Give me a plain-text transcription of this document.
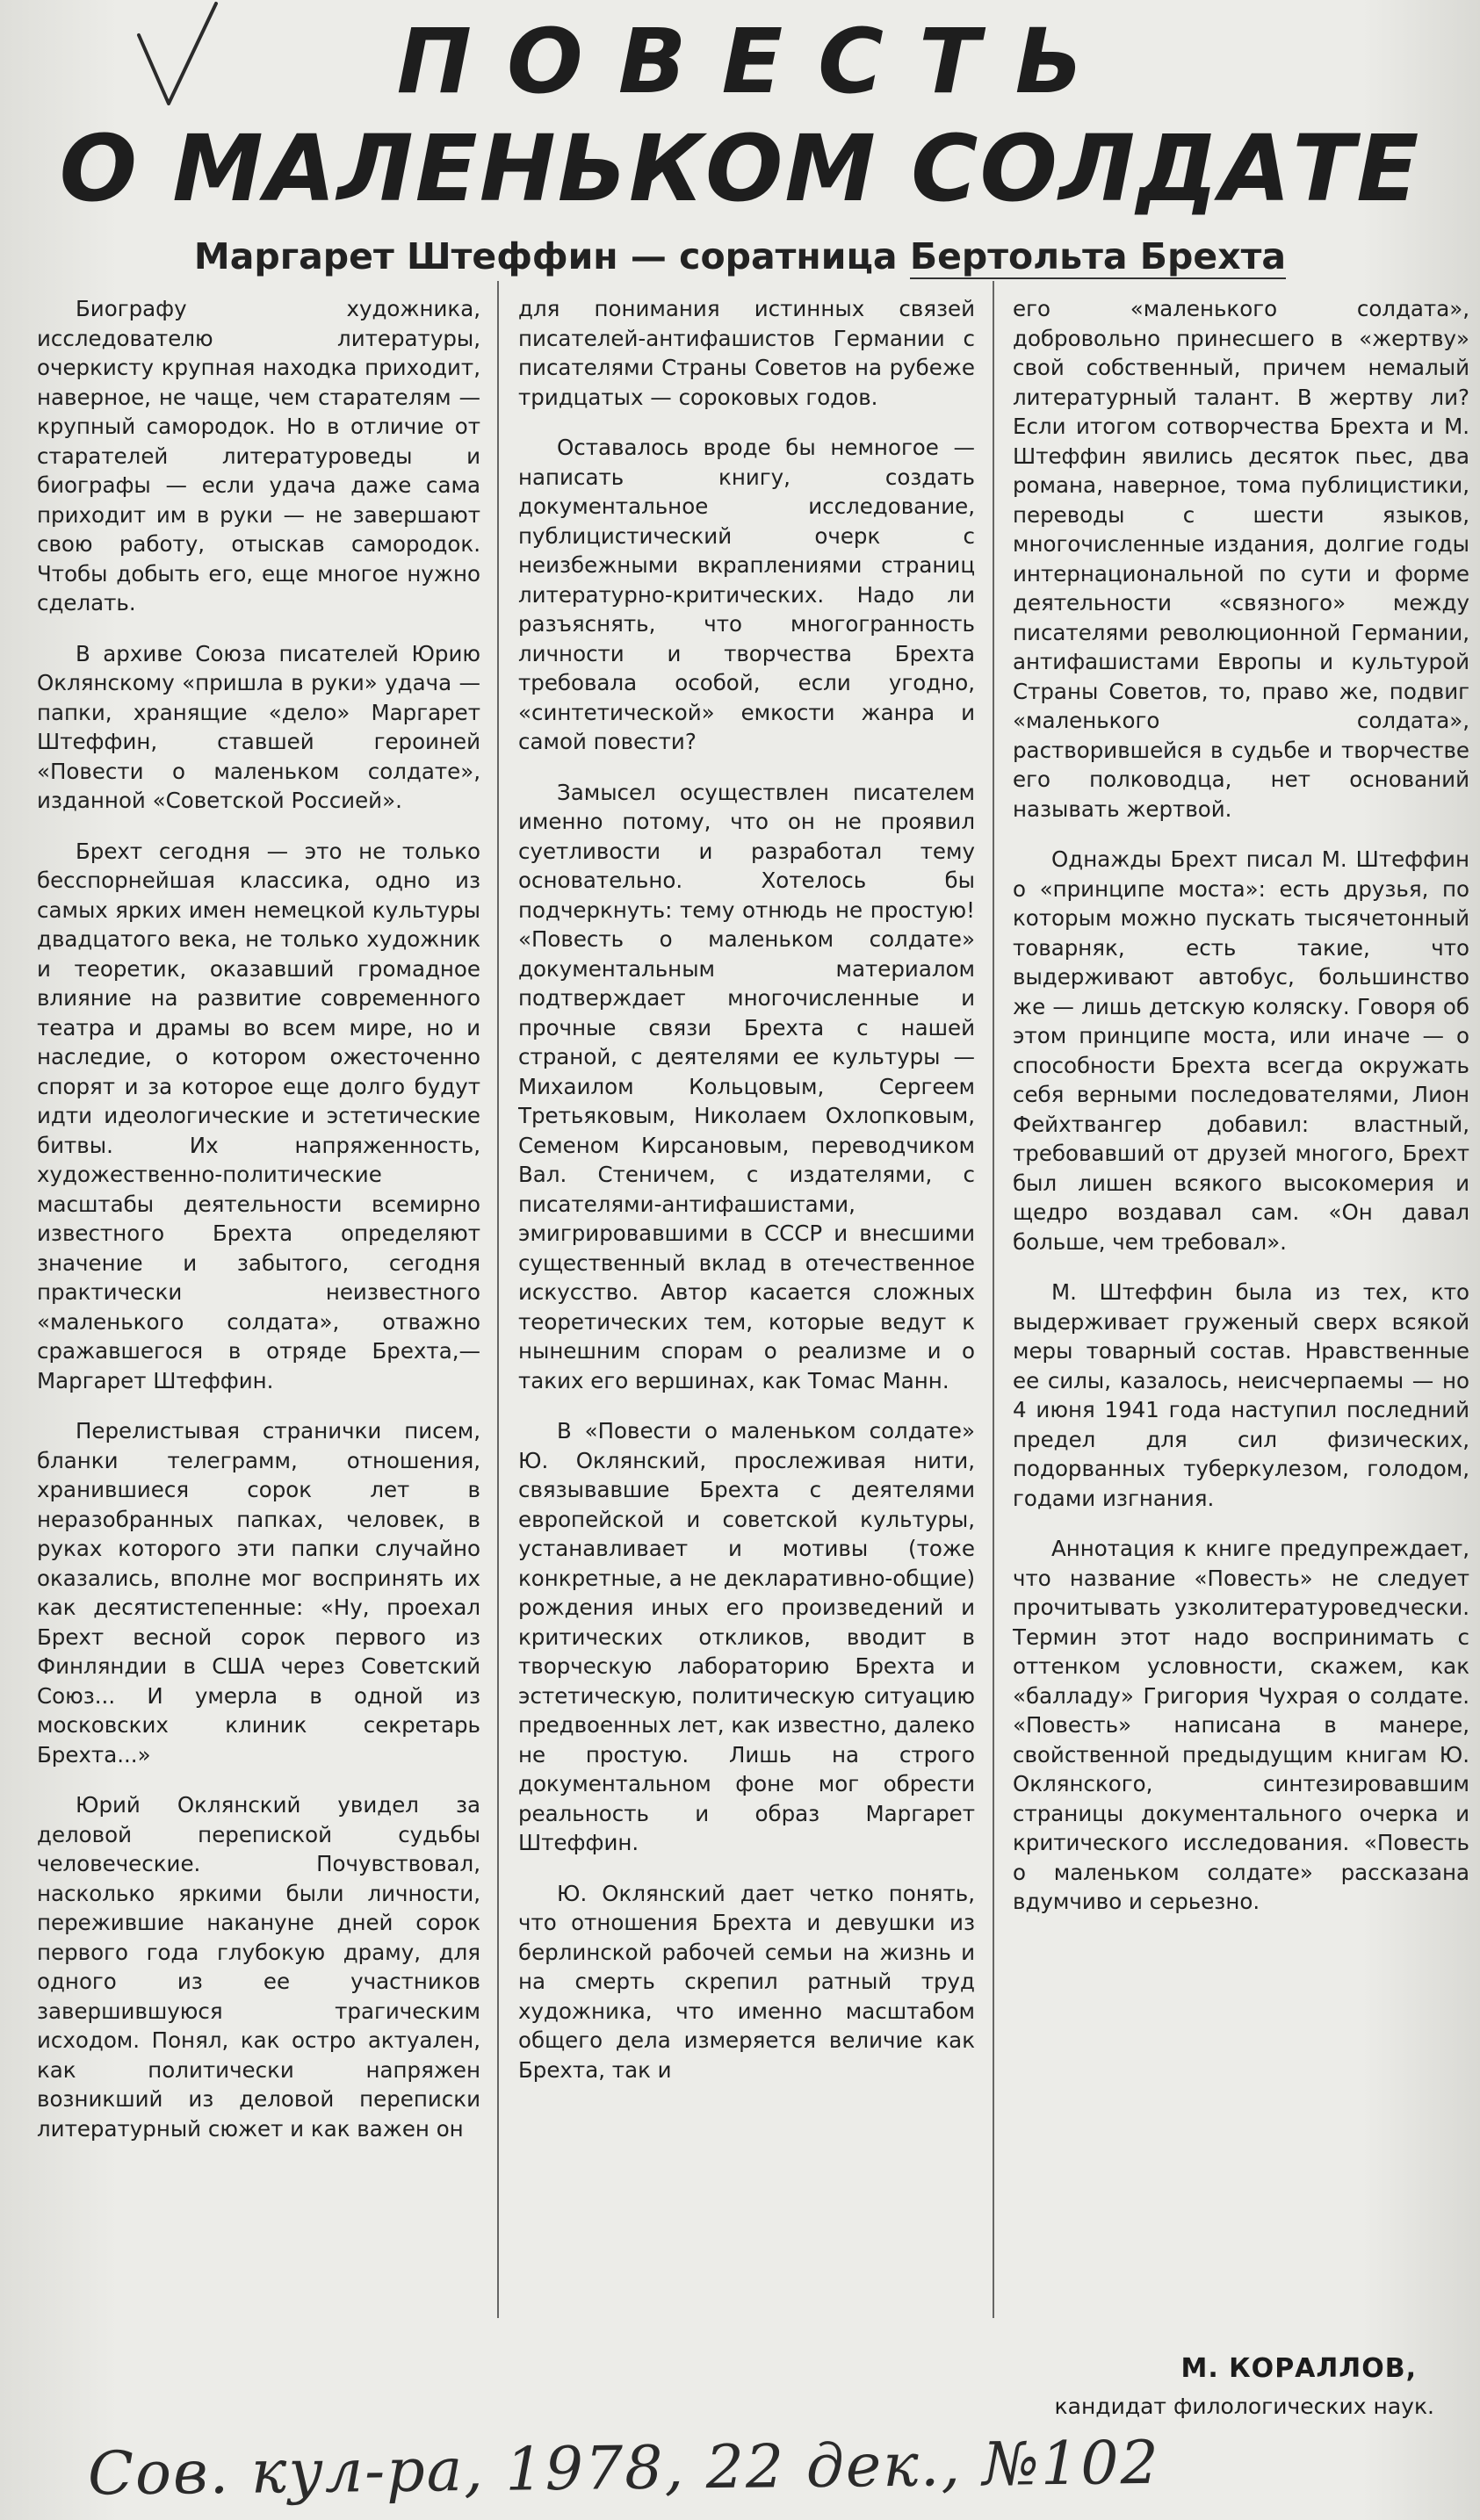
ПОВЕСТЬ
О МАЛЕНЬКОМ СОЛДАТЕ
Маргарет Штеффин — соратница Бертольта Брехта

Биографу художника, исследователю литературы, очеркисту крупная находка приходит, наверное, не чаще, чем старателям — крупный самородок. Но в отличие от старателей литературоведы и биографы — если удача даже сама приходит им в руки — не завершают свою работу, отыскав самородок. Чтобы добыть его, еще многое нужно сделать.

В архиве Союза писателей Юрию Оклянскому «пришла в руки» удача — папки, хранящие «дело» Маргарет Штеффин, ставшей героиней «Повести о маленьком солдате», изданной «Советской Россией».

Брехт сегодня — это не только бесспорнейшая классика, одно из самых ярких имен немецкой культуры двадцатого века, не только художник и теоретик, оказавший громадное влияние на развитие современного театра и драмы во всем мире, но и наследие, о котором ожесточенно спорят и за которое еще долго будут идти идеологические и эстетические битвы. Их напряженность, художественно-политические масштабы деятельности всемирно известного Брехта определяют значение и забытого, сегодня практически неизвестного «маленького солдата», отважно сражавшегося в отряде Брехта,— Маргарет Штеффин.

Перелистывая странички писем, бланки телеграмм, отношения, хранившиеся сорок лет в неразобранных папках, человек, в руках которого эти папки случайно оказались, вполне мог воспринять их как десятистепенные: «Ну, проехал Брехт весной сорок первого из Финляндии в США через Советский Союз... И умерла в одной из московских клиник секретарь Брехта...»

Юрий Оклянский увидел за деловой перепиской судьбы человеческие. Почувствовал, насколько яркими были личности, пережившие накануне дней сорок первого года глубокую драму, для одного из ее участников завершившуюся трагическим исходом. Понял, как остро актуален, как политически напряжен возникший из деловой переписки литературный сюжет и как важен он

для понимания истинных связей писателей-антифашистов Германии с писателями Страны Советов на рубеже тридцатых — сороковых годов.

Оставалось вроде бы немногое — написать книгу, создать документальное исследование, публицистический очерк с неизбежными вкраплениями страниц литературно-критических. Надо ли разъяснять, что многогранность личности и творчества Брехта требовала особой, если угодно, «синтетической» емкости жанра и самой повести?

Замысел осуществлен писателем именно потому, что он не проявил суетливости и разработал тему основательно. Хотелось бы подчеркнуть: тему отнюдь не простую! «Повесть о маленьком солдате» документальным материалом подтверждает многочисленные и прочные связи Брехта с нашей страной, с деятелями ее культуры — Михаилом Кольцовым, Сергеем Третьяковым, Николаем Охлопковым, Семеном Кирсановым, переводчиком Вал. Стеничем, с издателями, с писателями-антифашистами, эмигрировавшими в СССР и внесшими существенный вклад в отечественное искусство. Автор касается сложных теоретических тем, которые ведут к нынешним спорам о реализме и о таких его вершинах, как Томас Манн.

В «Повести о маленьком солдате» Ю. Оклянский, прослеживая нити, связывавшие Брехта с деятелями европейской и советской культуры, устанавливает и мотивы (тоже конкретные, а не декларативно-общие) рождения иных его произведений и критических откликов, вводит в творческую лабораторию Брехта и эстетическую, политическую ситуацию предвоенных лет, как известно, далеко не простую. Лишь на строго документальном фоне мог обрести реальность и образ Маргарет Штеффин.

Ю. Оклянский дает четко понять, что отношения Брехта и девушки из берлинской рабочей семьи на жизнь и на смерть скрепил ратный труд художника, что именно масштабом общего дела измеряется величие как Брехта, так и

его «маленького солдата», добровольно принесшего в «жертву» свой собственный, причем немалый литературный талант. В жертву ли? Если итогом сотворчества Брехта и М. Штеффин явились десяток пьес, два романа, наверное, тома публицистики, переводы с шести языков, многочисленные издания, долгие годы интернациональной по сути и форме деятельности «связного» между писателями революционной Германии, антифашистами Европы и культурой Страны Советов, то, право же, подвиг «маленького солдата», растворившейся в судьбе и творчестве его полководца, нет оснований называть жертвой.

Однажды Брехт писал М. Штеффин о «принципе моста»: есть друзья, по которым можно пускать тысячетонный товарняк, есть такие, что выдерживают автобус, большинство же — лишь детскую коляску. Говоря об этом принципе моста, или иначе — о способности Брехта всегда окружать себя верными последователями, Лион Фейхтвангер добавил: властный, требовавший от друзей многого, Брехт был лишен всякого высокомерия и щедро воздавал сам. «Он давал больше, чем требовал».

М. Штеффин была из тех, кто выдерживает груженый сверх всякой меры товарный состав. Нравственные ее силы, казалось, неисчерпаемы — но 4 июня 1941 года наступил последний предел для сил физических, подорванных туберкулезом, голодом, годами изгнания.

Аннотация к книге предупреждает, что название «Повесть» не следует прочитывать узколитературоведчески. Термин этот надо воспринимать с оттенком условности, скажем, как «балладу» Григория Чухрая о солдате. «Повесть» написана в манере, свойственной предыдущим книгам Ю. Оклянского, синтезировавшим страницы документального очерка и критического исследования. «Повесть о маленьком солдате» рассказана вдумчиво и серьезно.

М. КОРАЛЛОВ,

кандидат филологических наук.

Сов. кул-ра, 1978, 22 дек., №102
